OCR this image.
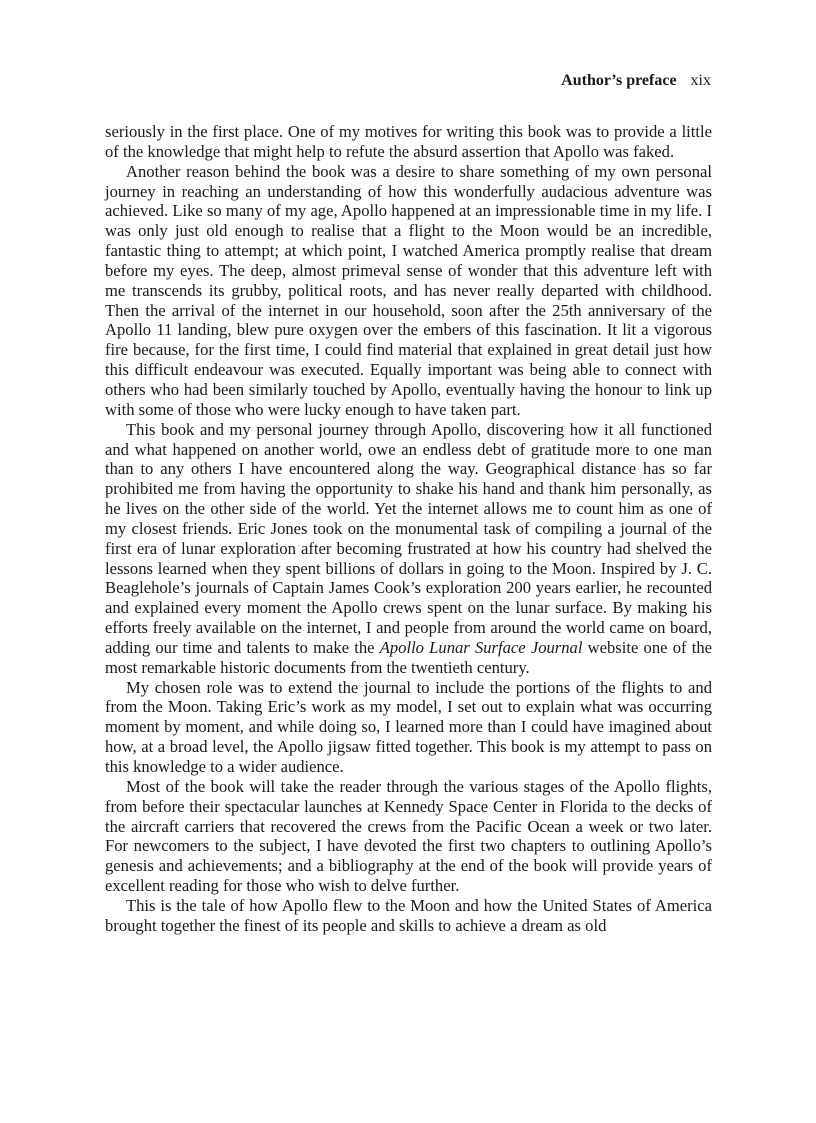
Author’s preface xix

seriously in the first place. One of my motives for writing this book was to provide a little of the knowledge that might help to refute the absurd assertion that Apollo was faked.

Another reason behind the book was a desire to share something of my own personal journey in reaching an understanding of how this wonderfully audacious adventure was achieved. Like so many of my age, Apollo happened at an impressionable time in my life. I was only just old enough to realise that a flight to the Moon would be an incredible, fantastic thing to attempt; at which point, I watched America promptly realise that dream before my eyes. The deep, almost primeval sense of wonder that this adventure left with me transcends its grubby, political roots, and has never really departed with childhood. Then the arrival of the internet in our household, soon after the 25th anniversary of the Apollo 11 landing, blew pure oxygen over the embers of this fascination. It lit a vigorous fire because, for the first time, I could find material that explained in great detail just how this difficult endeavour was executed. Equally important was being able to connect with others who had been similarly touched by Apollo, eventually having the honour to link up with some of those who were lucky enough to have taken part.

This book and my personal journey through Apollo, discovering how it all functioned and what happened on another world, owe an endless debt of gratitude more to one man than to any others I have encountered along the way. Geographical distance has so far prohibited me from having the opportunity to shake his hand and thank him personally, as he lives on the other side of the world. Yet the internet allows me to count him as one of my closest friends. Eric Jones took on the monumental task of compiling a journal of the first era of lunar exploration after becoming frustrated at how his country had shelved the lessons learned when they spent billions of dollars in going to the Moon. Inspired by J. C. Beaglehole’s journals of Captain James Cook’s exploration 200 years earlier, he recounted and explained every moment the Apollo crews spent on the lunar surface. By making his efforts freely available on the internet, I and people from around the world came on board, adding our time and talents to make the Apollo Lunar Surface Journal website one of the most remarkable historic documents from the twentieth century.

My chosen role was to extend the journal to include the portions of the flights to and from the Moon. Taking Eric’s work as my model, I set out to explain what was occurring moment by moment, and while doing so, I learned more than I could have imagined about how, at a broad level, the Apollo jigsaw fitted together. This book is my attempt to pass on this knowledge to a wider audience.

Most of the book will take the reader through the various stages of the Apollo flights, from before their spectacular launches at Kennedy Space Center in Florida to the decks of the aircraft carriers that recovered the crews from the Pacific Ocean a week or two later. For newcomers to the subject, I have devoted the first two chapters to outlining Apollo’s genesis and achievements; and a bibliography at the end of the book will provide years of excellent reading for those who wish to delve further.

This is the tale of how Apollo flew to the Moon and how the United States of America brought together the finest of its people and skills to achieve a dream as old
